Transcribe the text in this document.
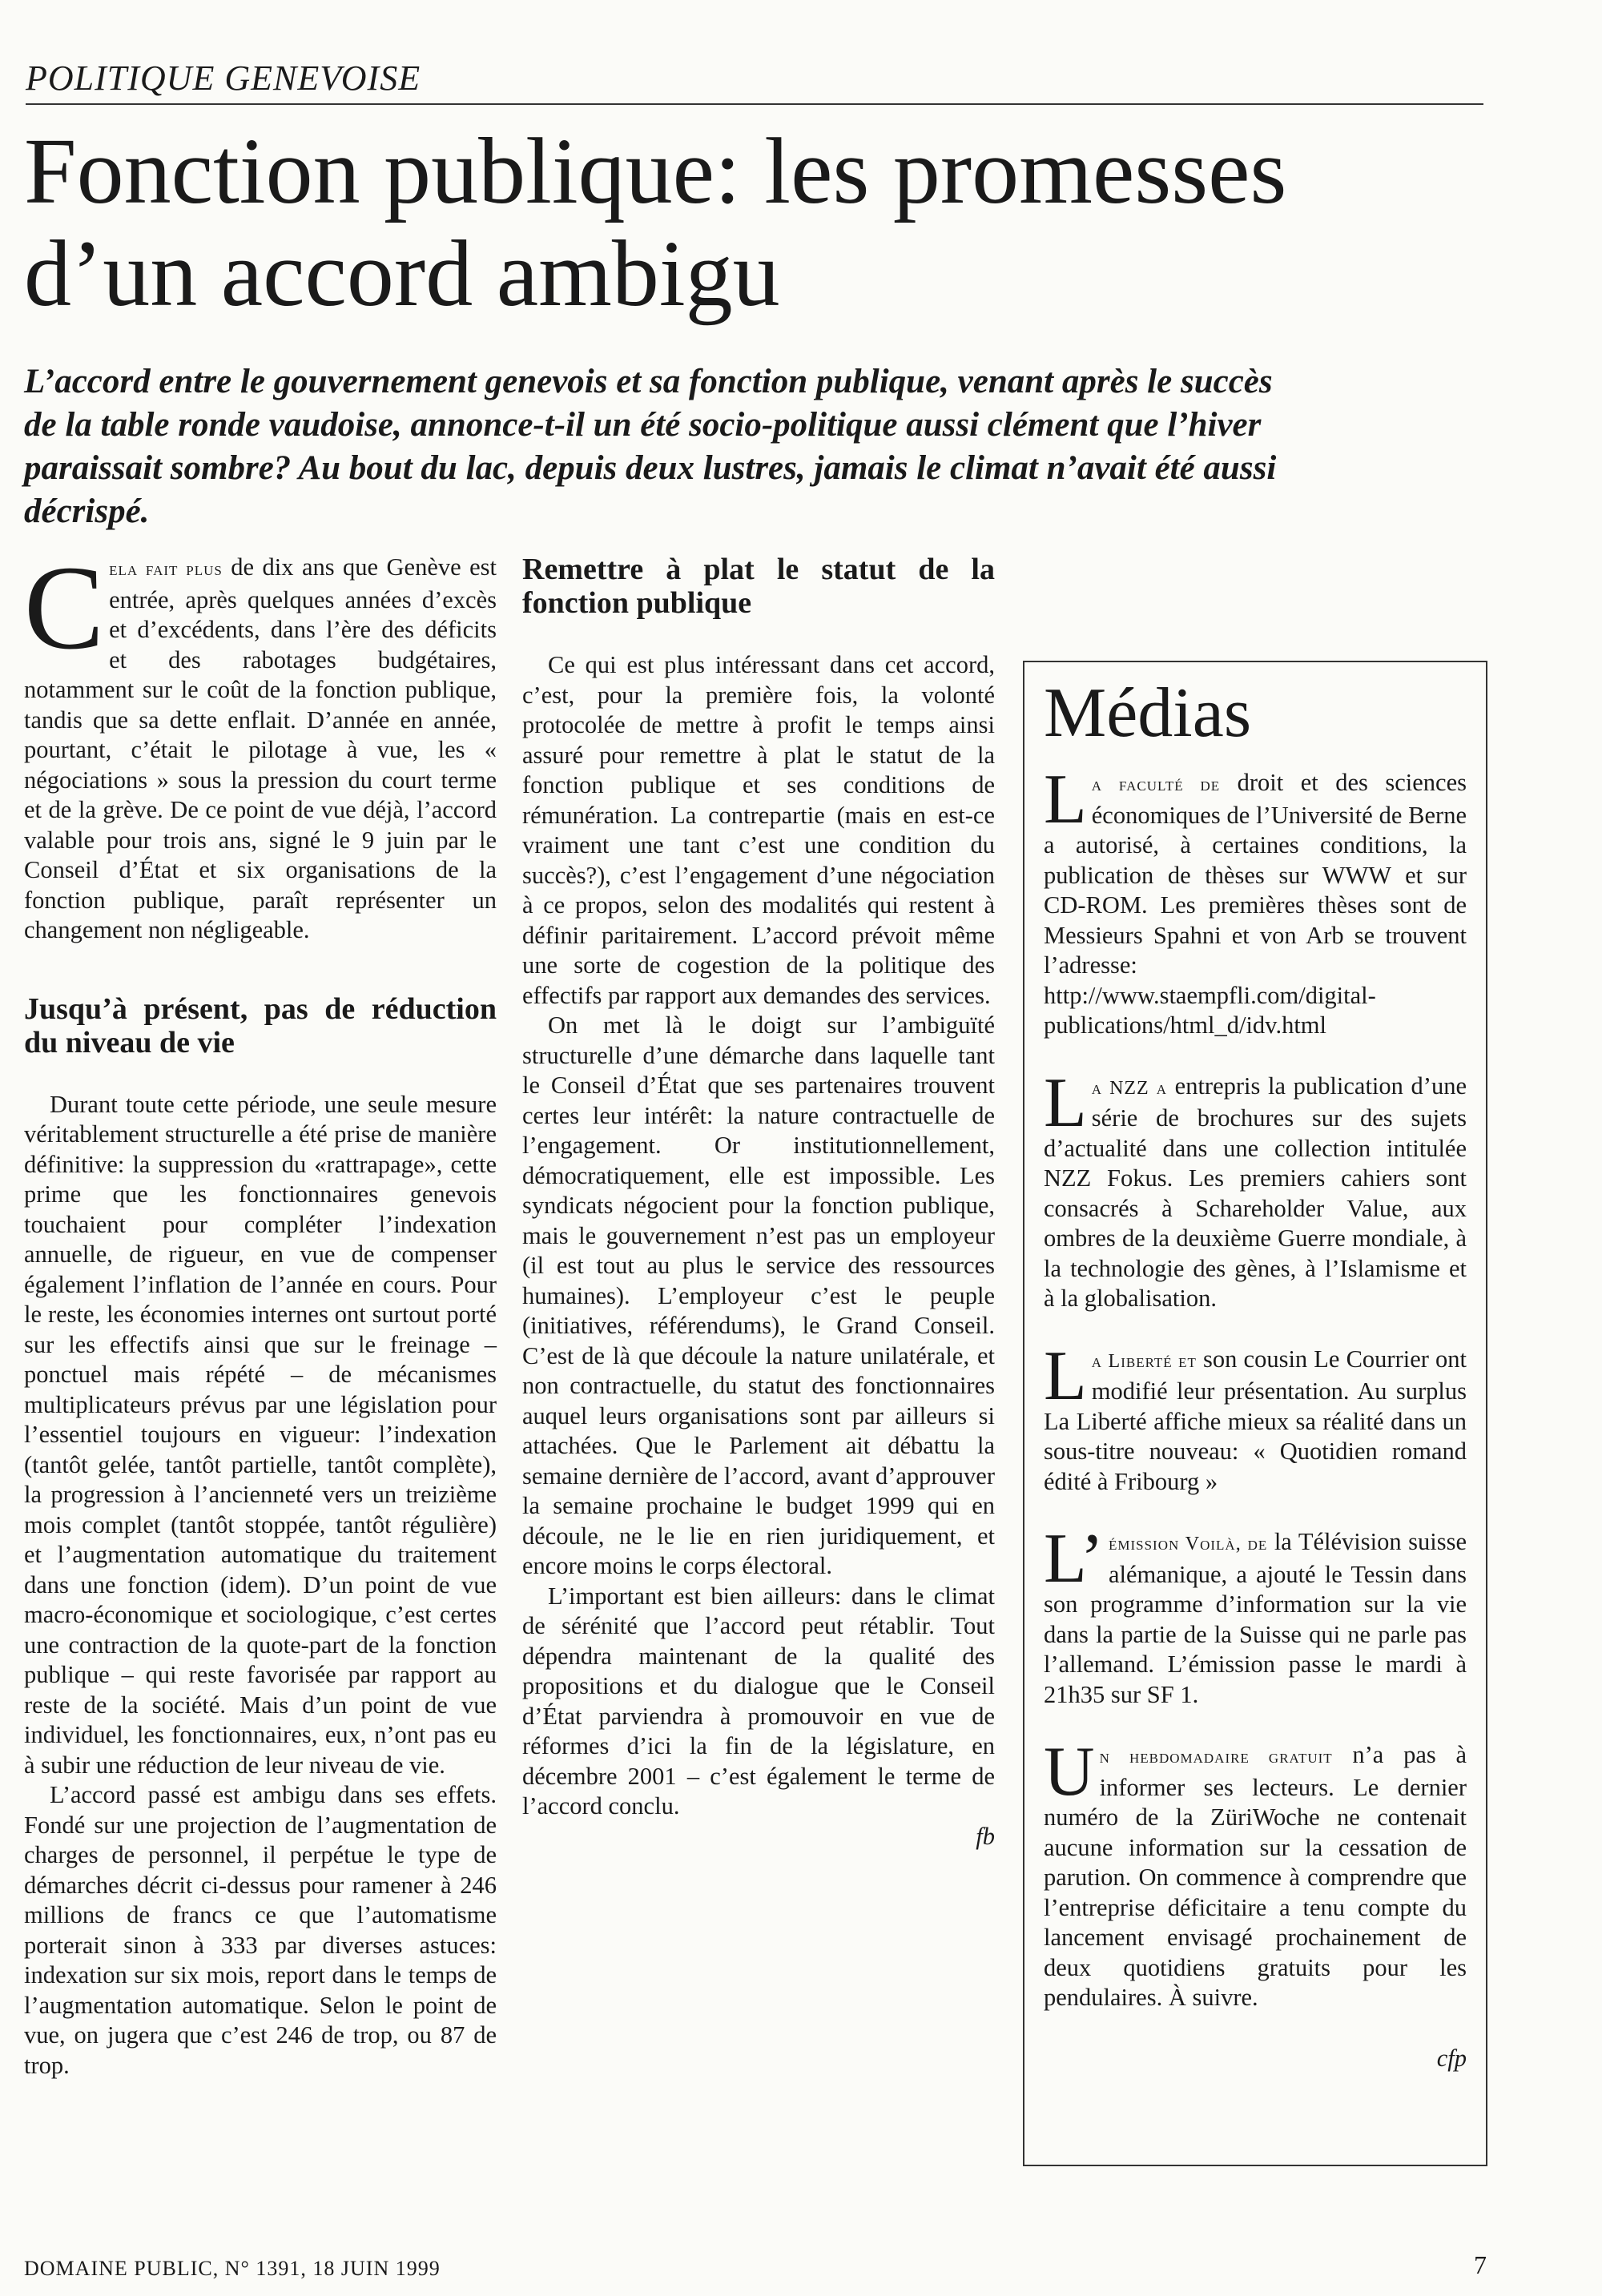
POLITIQUE GENEVOISE
Fonction publique: les promesses d’un accord ambigu

L’accord entre le gouvernement genevois et sa fonction publique, venant après le succès de la table ronde vaudoise, annonce-t-il un été socio-politique aussi clément que l’hiver paraissait sombre? Au bout du lac, depuis deux lustres, jamais le climat n’avait été aussi décrispé.

Cela fait plus de dix ans que Genève est entrée, après quelques années d’excès et d’excédents, dans l’ère des déficits et des rabotages budgétaires, notamment sur le coût de la fonction publique, tandis que sa dette enflait. D’année en année, pourtant, c’était le pilotage à vue, les « négociations » sous la pression du court terme et de la grève. De ce point de vue déjà, l’accord valable pour trois ans, signé le 9 juin par le Conseil d’État et six organisations de la fonction publique, paraît représenter un changement non négligeable.

Jusqu’à présent, pas de réduction du niveau de vie

Durant toute cette période, une seule mesure véritablement structurelle a été prise de manière définitive: la suppression du «rattrapage», cette prime que les fonctionnaires genevois touchaient pour compléter l’indexation annuelle, de rigueur, en vue de compenser également l’inflation de l’année en cours. Pour le reste, les économies internes ont surtout porté sur les effectifs ainsi que sur le freinage – ponctuel mais répété – de mécanismes multiplicateurs prévus par une législation pour l’essentiel toujours en vigueur: l’indexation (tantôt gelée, tantôt partielle, tantôt complète), la progression à l’ancienneté vers un treizième mois complet (tantôt stoppée, tantôt régulière) et l’augmentation automatique du traitement dans une fonction (idem). D’un point de vue macro-économique et sociologique, c’est certes une contraction de la quote-part de la fonction publique – qui reste favorisée par rapport au reste de la société. Mais d’un point de vue individuel, les fonctionnaires, eux, n’ont pas eu à subir une réduction de leur niveau de vie.

L’accord passé est ambigu dans ses effets. Fondé sur une projection de l’augmentation de charges de personnel, il perpétue le type de démarches décrit ci-dessus pour ramener à 246 millions de francs ce que l’automatisme porterait sinon à 333 par diverses astuces: indexation sur six mois, report dans le temps de l’augmentation automatique. Selon le point de vue, on jugera que c’est 246 de trop, ou 87 de trop.

Remettre à plat le statut de la fonction publique

Ce qui est plus intéressant dans cet accord, c’est, pour la première fois, la volonté protocolée de mettre à profit le temps ainsi assuré pour remettre à plat le statut de la fonction publique et ses conditions de rémunération. La contrepartie (mais en est-ce vraiment une tant c’est une condition du succès?), c’est l’engagement d’une négociation à ce propos, selon des modalités qui restent à définir paritairement. L’accord prévoit même une sorte de cogestion de la politique des effectifs par rapport aux demandes des services.

On met là le doigt sur l’ambiguïté structurelle d’une démarche dans laquelle tant le Conseil d’État que ses partenaires trouvent certes leur intérêt: la nature contractuelle de l’engagement. Or institutionnellement, démocratiquement, elle est impossible. Les syndicats négocient pour la fonction publique, mais le gouvernement n’est pas un employeur (il est tout au plus le service des ressources humaines). L’employeur c’est le peuple (initiatives, référendums), le Grand Conseil. C’est de là que découle la nature unilatérale, et non contractuelle, du statut des fonctionnaires auquel leurs organisations sont par ailleurs si attachées. Que le Parlement ait débattu la semaine dernière de l’accord, avant d’approuver la semaine prochaine le budget 1999 qui en découle, ne le lie en rien juridiquement, et encore moins le corps électoral.

L’important est bien ailleurs: dans le climat de sérénité que l’accord peut rétablir. Tout dépendra maintenant de la qualité des propositions et du dialogue que le Conseil d’État parviendra à promouvoir en vue de réformes d’ici la fin de la législature, en décembre 2001 – c’est également le terme de l’accord conclu.

fb
Médias
La faculté de droit et des sciences économiques de l’Université de Berne a autorisé, à certaines conditions, la publication de thèses sur WWW et sur CD-ROM. Les premières thèses sont de Messieurs Spahni et von Arb se trouvent l’adresse: http://www.staempfli.com/digital-publications/html_d/idv.html
La NZZ a entrepris la publication d’une série de brochures sur des sujets d’actualité dans une collection intitulée NZZ Fokus. Les premiers cahiers sont consacrés à Schareholder Value, aux ombres de la deuxième Guerre mondiale, à la technologie des gènes, à l’Islamisme et à la globalisation.
La Liberté et son cousin Le Courrier ont modifié leur présentation. Au surplus La Liberté affiche mieux sa réalité dans un sous-titre nouveau: « Quotidien romand édité à Fribourg »
L’ émission Voilà, de la Télévision suisse alémanique, a ajouté le Tessin dans son programme d’information sur la vie dans la partie de la Suisse qui ne parle pas l’allemand. L’émission passe le mardi à 21h35 sur SF 1.
Un hebdomadaire gratuit n’a pas à informer ses lecteurs. Le dernier numéro de la ZüriWoche ne contenait aucune information sur la cessation de parution. On commence à comprendre que l’entreprise déficitaire a tenu compte du lancement envisagé prochainement de deux quotidiens gratuits pour les pendulaires. À suivre.
cfp
DOMAINE PUBLIC, N° 1391, 18 JUIN 1999	7
